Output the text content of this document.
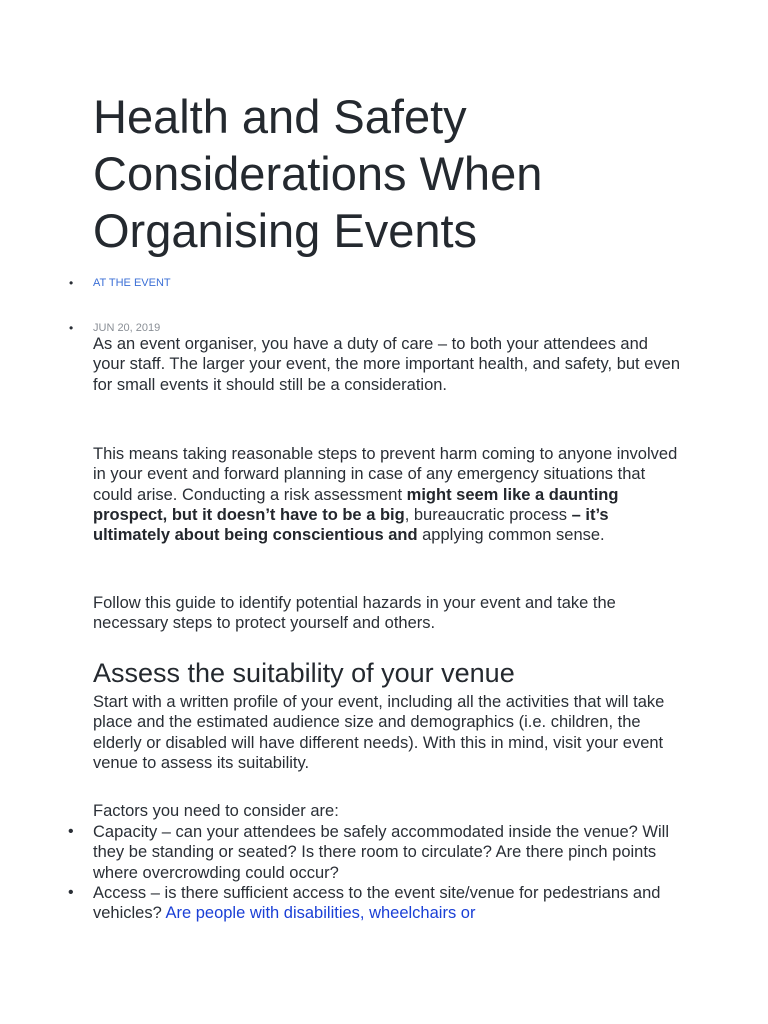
Health and Safety Considerations When Organising Events
• AT THE EVENT
• JUN 20, 2019

As an event organiser, you have a duty of care – to both your attendees and your staff. The larger your event, the more important health, and safety, but even for small events it should still be a consideration.

This means taking reasonable steps to prevent harm coming to anyone involved in your event and forward planning in case of any emergency situations that could arise. Conducting a risk assessment might seem like a daunting prospect, but it doesn’t have to be a big, bureaucratic process – it’s ultimately about being conscientious and applying common sense.

Follow this guide to identify potential hazards in your event and take the necessary steps to protect yourself and others.

Assess the suitability of your venue

Start with a written profile of your event, including all the activities that will take place and the estimated audience size and demographics (i.e. children, the elderly or disabled will have different needs). With this in mind, visit your event venue to assess its suitability.

Factors you need to consider are:

• Capacity – can your attendees be safely accommodated inside the venue? Will they be standing or seated? Is there room to circulate? Are there pinch points where overcrowding could occur?
• Access – is there sufficient access to the event site/venue for pedestrians and vehicles? Are people with disabilities, wheelchairs or
